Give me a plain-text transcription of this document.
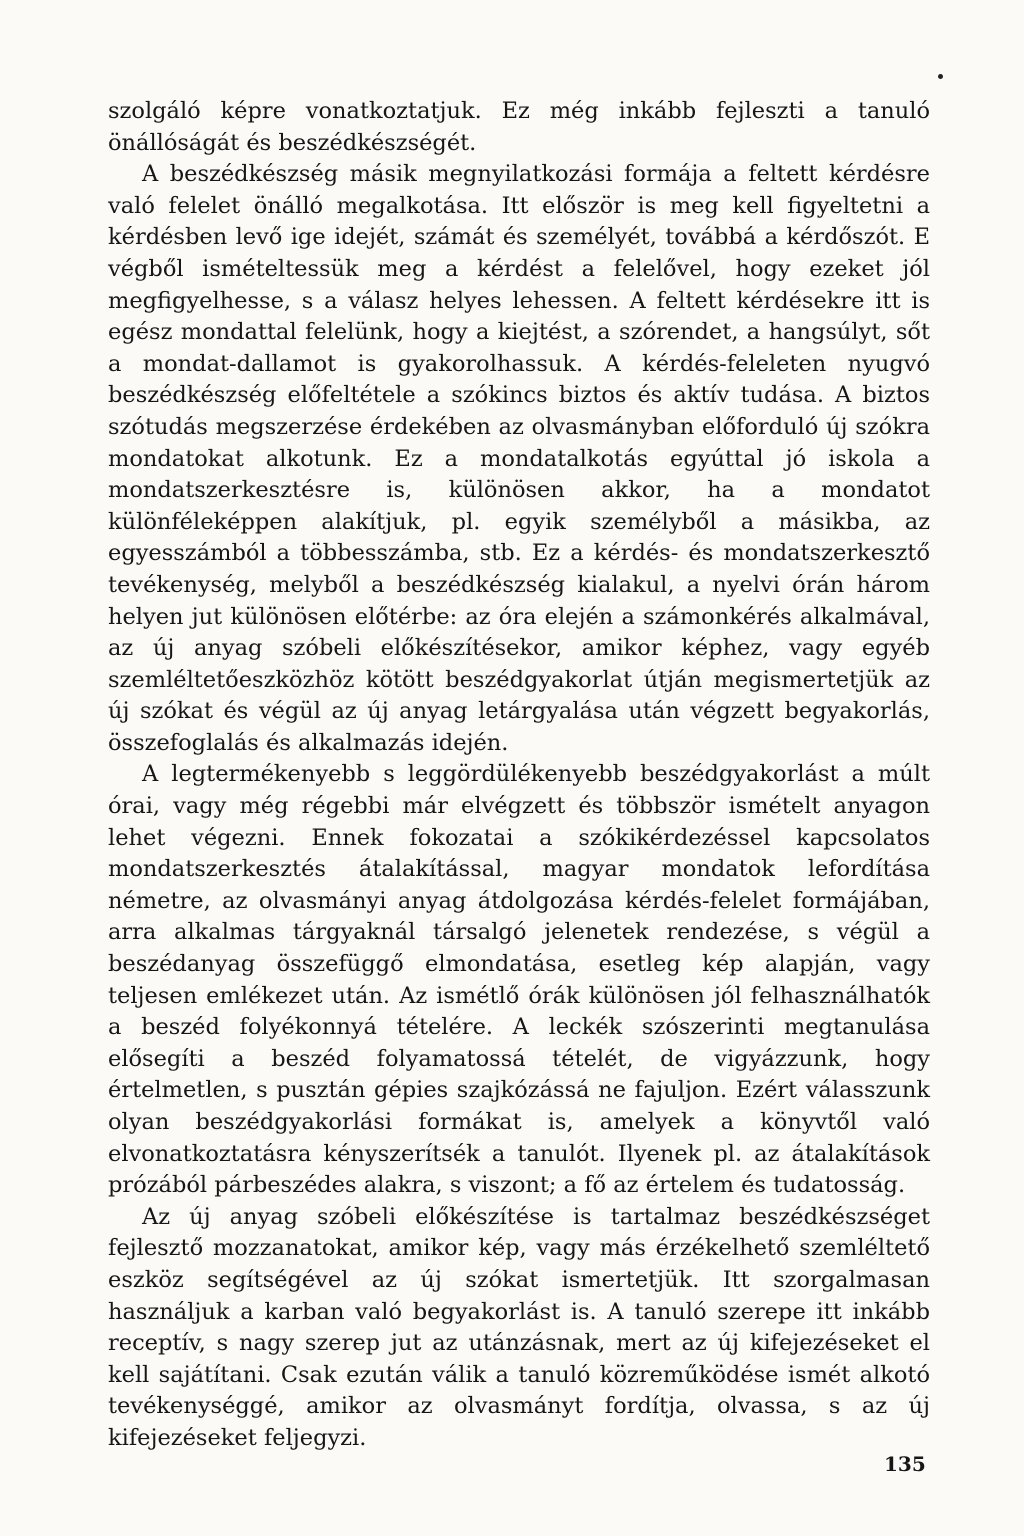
szolgáló képre vonatkoztatjuk. Ez még inkább fejleszti a tanuló önállóságát és beszédkészségét.

A beszédkészség másik megnyilatkozási formája a feltett kérdésre való felelet önálló megalkotása. Itt először is meg kell figyeltetni a kérdésben levő ige idejét, számát és személyét, továbbá a kérdőszót. E végből ismételtessük meg a kérdést a felelővel, hogy ezeket jól megfigyelhesse, s a válasz helyes lehessen. A feltett kérdésekre itt is egész mondattal felelünk, hogy a kiejtést, a szórendet, a hangsúlyt, sőt a mondat-dallamot is gyakorolhassuk. A kérdés-feleleten nyugvó beszédkészség előfeltétele a szókincs biztos és aktív tudása. A biztos szótudás megszerzése érdekében az olvasmányban előforduló új szókra mondatokat alkotunk. Ez a mondatalkotás egyúttal jó iskola a mondatszerkesztésre is, különösen akkor, ha a mondatot különféleképpen alakítjuk, pl. egyik személyből a másikba, az egyesszámból a többesszámba, stb. Ez a kérdés- és mondatszerkesztő tevékenység, melyből a beszédkészség kialakul, a nyelvi órán három helyen jut különösen előtérbe: az óra elején a számonkérés alkalmával, az új anyag szóbeli előkészítésekor, amikor képhez, vagy egyéb szemléltetőeszközhöz kötött beszédgyakorlat útján megismertetjük az új szókat és végül az új anyag letárgyalása után végzett begyakorlás, összefoglalás és alkalmazás idején.

A legtermékenyebb s leggördülékenyebb beszédgyakorlást a múlt órai, vagy még régebbi már elvégzett és többször ismételt anyagon lehet végezni. Ennek fokozatai a szókikérdezéssel kapcsolatos mondatszerkesztés átalakítással, magyar mondatok lefordítása németre, az olvasmányi anyag átdolgozása kérdés-felelet formájában, arra alkalmas tárgyaknál társalgó jelenetek rendezése, s végül a beszédanyag összefüggő elmondatása, esetleg kép alapján, vagy teljesen emlékezet után. Az ismétlő órák különösen jól felhasználhatók a beszéd folyékonnyá tételére. A leckék szószerinti megtanulása elősegíti a beszéd folyamatossá tételét, de vigyázzunk, hogy értelmetlen, s pusztán gépies szajkózássá ne fajuljon. Ezért válasszunk olyan beszédgyakorlási formákat is, amelyek a könyvtől való elvonatkoztatásra kényszerítsék a tanulót. Ilyenek pl. az átalakítások prózából párbeszédes alakra, s viszont; a fő az értelem és tudatosság.

Az új anyag szóbeli előkészítése is tartalmaz beszédkészséget fejlesztő mozzanatokat, amikor kép, vagy más érzékelhető szemléltető eszköz segítségével az új szókat ismertetjük. Itt szorgalmasan használjuk a karban való begyakorlást is. A tanuló szerepe itt inkább receptív, s nagy szerep jut az utánzásnak, mert az új kifejezéseket el kell sajátítani. Csak ezután válik a tanuló közreműködése ismét alkotó tevékenységgé, amikor az olvasmányt fordítja, olvassa, s az új kifejezéseket feljegyzi.

135
